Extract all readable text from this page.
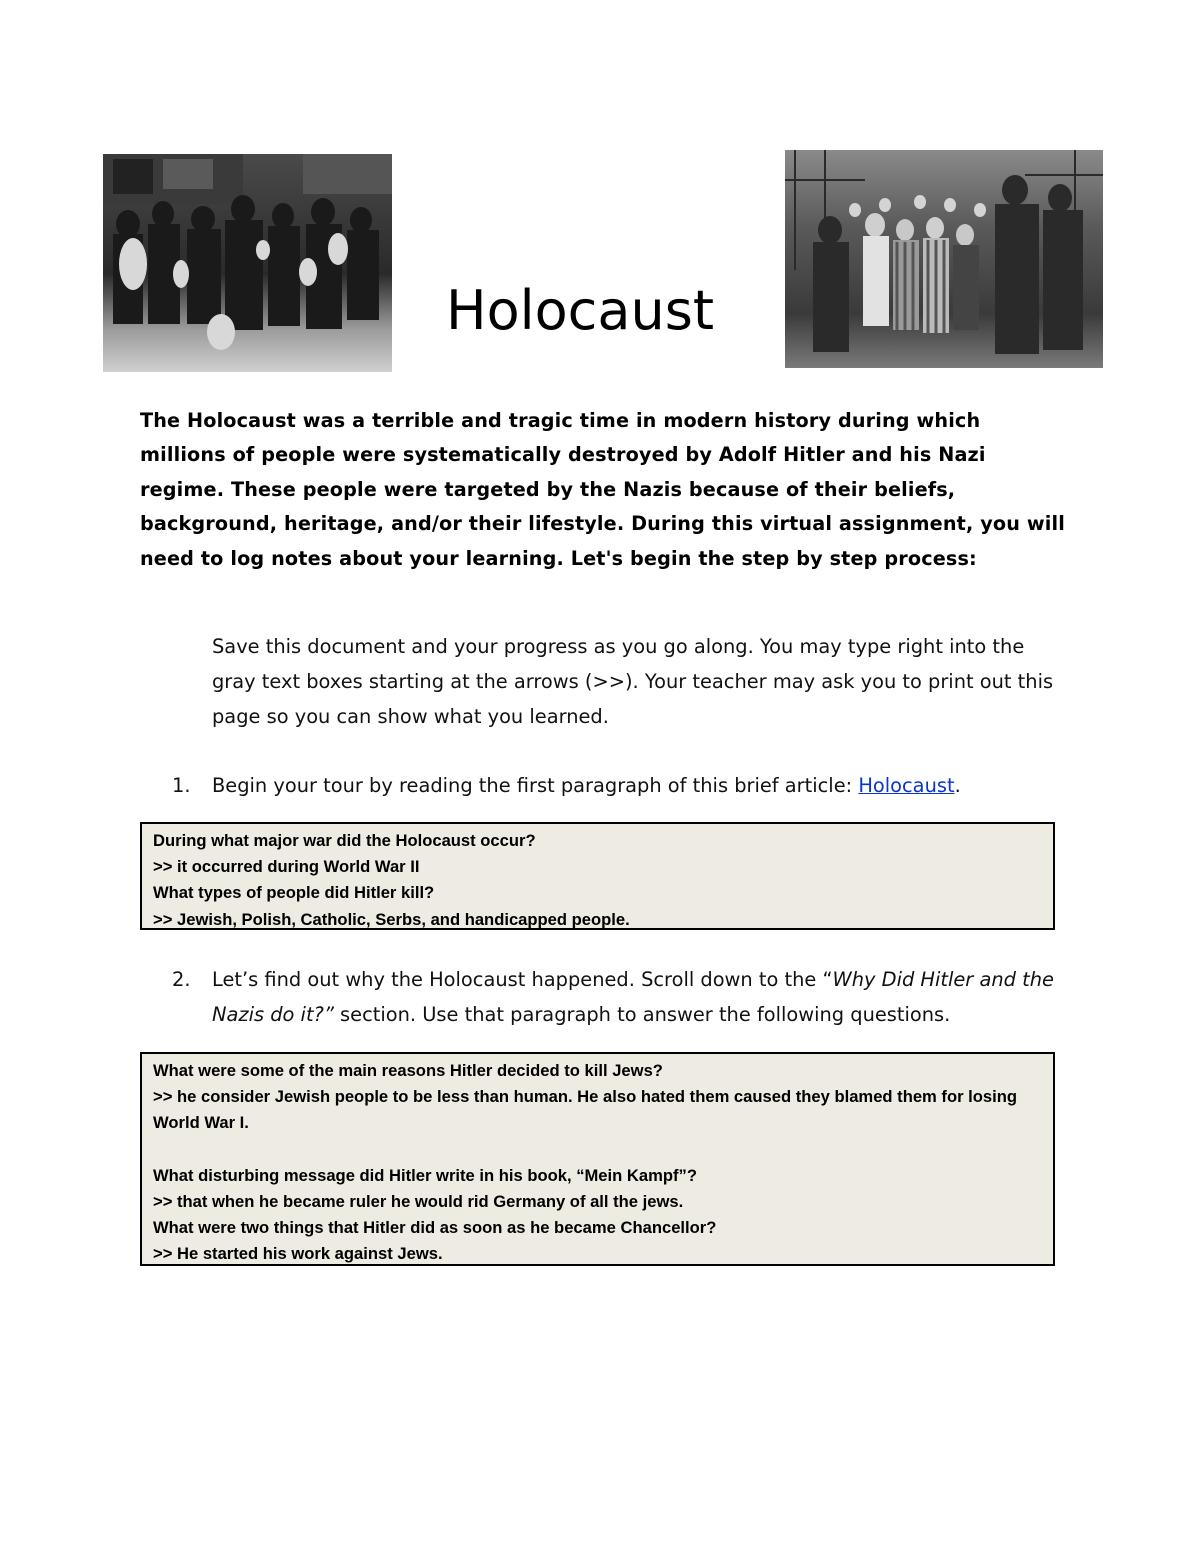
Holocaust

The Holocaust was a terrible and tragic time in modern history during which millions of people were systematically destroyed by Adolf Hitler and his Nazi regime. These people were targeted by the Nazis because of their beliefs, background, heritage, and/or their lifestyle. During this virtual assignment, you will need to log notes about your learning. Let's begin the step by step process:

Save this document and your progress as you go along. You may type right into the gray text boxes starting at the arrows (>>). Your teacher may ask you to print out this page so you can show what you learned.

1. Begin your tour by reading the first paragraph of this brief article: Holocaust.
During what major war did the Holocaust occur?
>> it occurred during World War II
What types of people did Hitler kill?
>> Jewish, Polish, Catholic, Serbs, and handicapped people.
2. Let’s find out why the Holocaust happened. Scroll down to the “Why Did Hitler and the Nazis do it?” section. Use that paragraph to answer the following questions.
What were some of the main reasons Hitler decided to kill Jews?
>> he consider Jewish people to be less than human. He also hated them caused they blamed them for losing World War I.
What disturbing message did Hitler write in his book, “Mein Kampf”?
>> that when he became ruler he would rid Germany of all the jews.
What were two things that Hitler did as soon as he became Chancellor?
>> He started his work against Jews.
